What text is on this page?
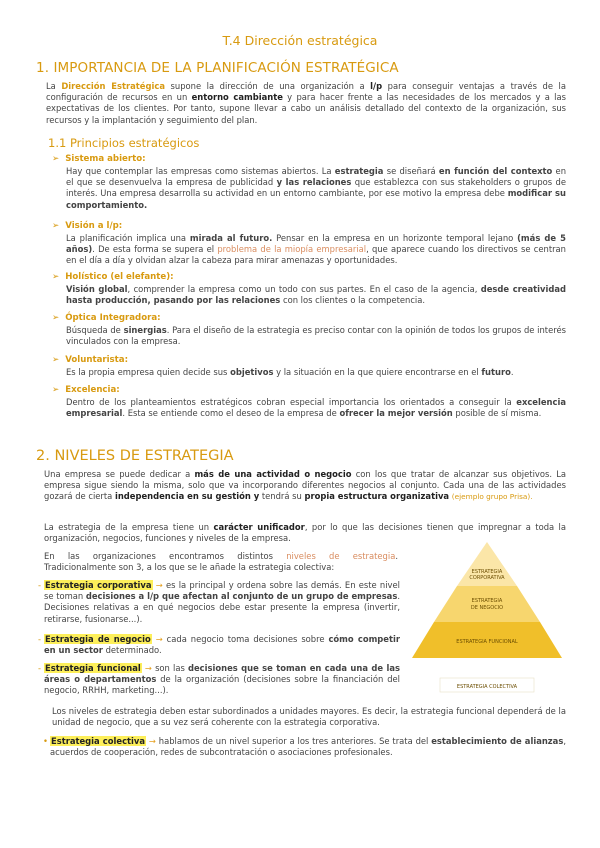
T.4 Dirección estratégica
1. IMPORTANCIA DE LA PLANIFICACIÓN ESTRATÉGICA
La Dirección Estratégica supone la dirección de una organización a l/p para conseguir ventajas a través de la configuración de recursos en un entorno cambiante y para hacer frente a las necesidades de los mercados y a las expectativas de los clientes. Por tanto, supone llevar a cabo un análisis detallado del contexto de la organización, sus recursos y la implantación y seguimiento del plan.
1.1 Principios estratégicos
➢ Sistema abierto:
Hay que contemplar las empresas como sistemas abiertos. La estrategia se diseñará en función del contexto en el que se desenvuelva la empresa de publicidad y las relaciones que establezca con sus stakeholders o grupos de interés. Una empresa desarrolla su actividad en un entorno cambiante, por ese motivo la empresa debe modificar su comportamiento.
➢ Visión a l/p:
La planificación implica una mirada al futuro. Pensar en la empresa en un horizonte temporal lejano (más de 5 años). De esta forma se supera el problema de la miopía empresarial, que aparece cuando los directivos se centran en el día a día y olvidan alzar la cabeza para mirar amenazas y oportunidades.
➢ Holístico (el elefante):
Visión global, comprender la empresa como un todo con sus partes. En el caso de la agencia, desde creatividad hasta producción, pasando por las relaciones con los clientes o la competencia.
➢ Óptica Integradora:
Búsqueda de sinergias. Para el diseño de la estrategia es preciso contar con la opinión de todos los grupos de interés vinculados con la empresa.
➢ Voluntarista:
Es la propia empresa quien decide sus objetivos y la situación en la que quiere encontrarse en el futuro.
➢ Excelencia:
Dentro de los planteamientos estratégicos cobran especial importancia los orientados a conseguir la excelencia empresarial. Esta se entiende como el deseo de la empresa de ofrecer la mejor versión posible de sí misma.
2. NIVELES DE ESTRATEGIA
Una empresa se puede dedicar a más de una actividad o negocio con los que tratar de alcanzar sus objetivos. La empresa sigue siendo la misma, solo que va incorporando diferentes negocios al conjunto. Cada una de las actividades gozará de cierta independencia en su gestión y tendrá su propia estructura organizativa (ejemplo grupo Prisa).
La estrategia de la empresa tiene un carácter unificador, por lo que las decisiones tienen que impregnar a toda la organización, negocios, funciones y niveles de la empresa.
En las organizaciones encontramos distintos niveles de estrategia. Tradicionalmente son 3, a los que se le añade la estrategia colectiva:
- Estrategia corporativa → es la principal y ordena sobre las demás. En este nivel se toman decisiones a l/p que afectan al conjunto de un grupo de empresas. Decisiones relativas a en qué negocios debe estar presente la empresa (invertir, retirarse, fusionarse...).
- Estrategia de negocio → cada negocio toma decisiones sobre cómo competir en un sector determinado.
- Estrategia funcional → son las decisiones que se toman en cada una de las áreas o departamentos de la organización (decisiones sobre la financiación del negocio, RRHH, marketing...).
ESTRATEGIA
CORPORATIVA
ESTRATEGIA
DE NEGOCIO
ESTRATEGIA FUNCIONAL
ESTRATEGIA COLECTIVA
Los niveles de estrategia deben estar subordinados a unidades mayores. Es decir, la estrategia funcional dependerá de la unidad de negocio, que a su vez será coherente con la estrategia corporativa.
• Estrategia colectiva → hablamos de un nivel superior a los tres anteriores. Se trata del establecimiento de alianzas, acuerdos de cooperación, redes de subcontratación o asociaciones profesionales.
